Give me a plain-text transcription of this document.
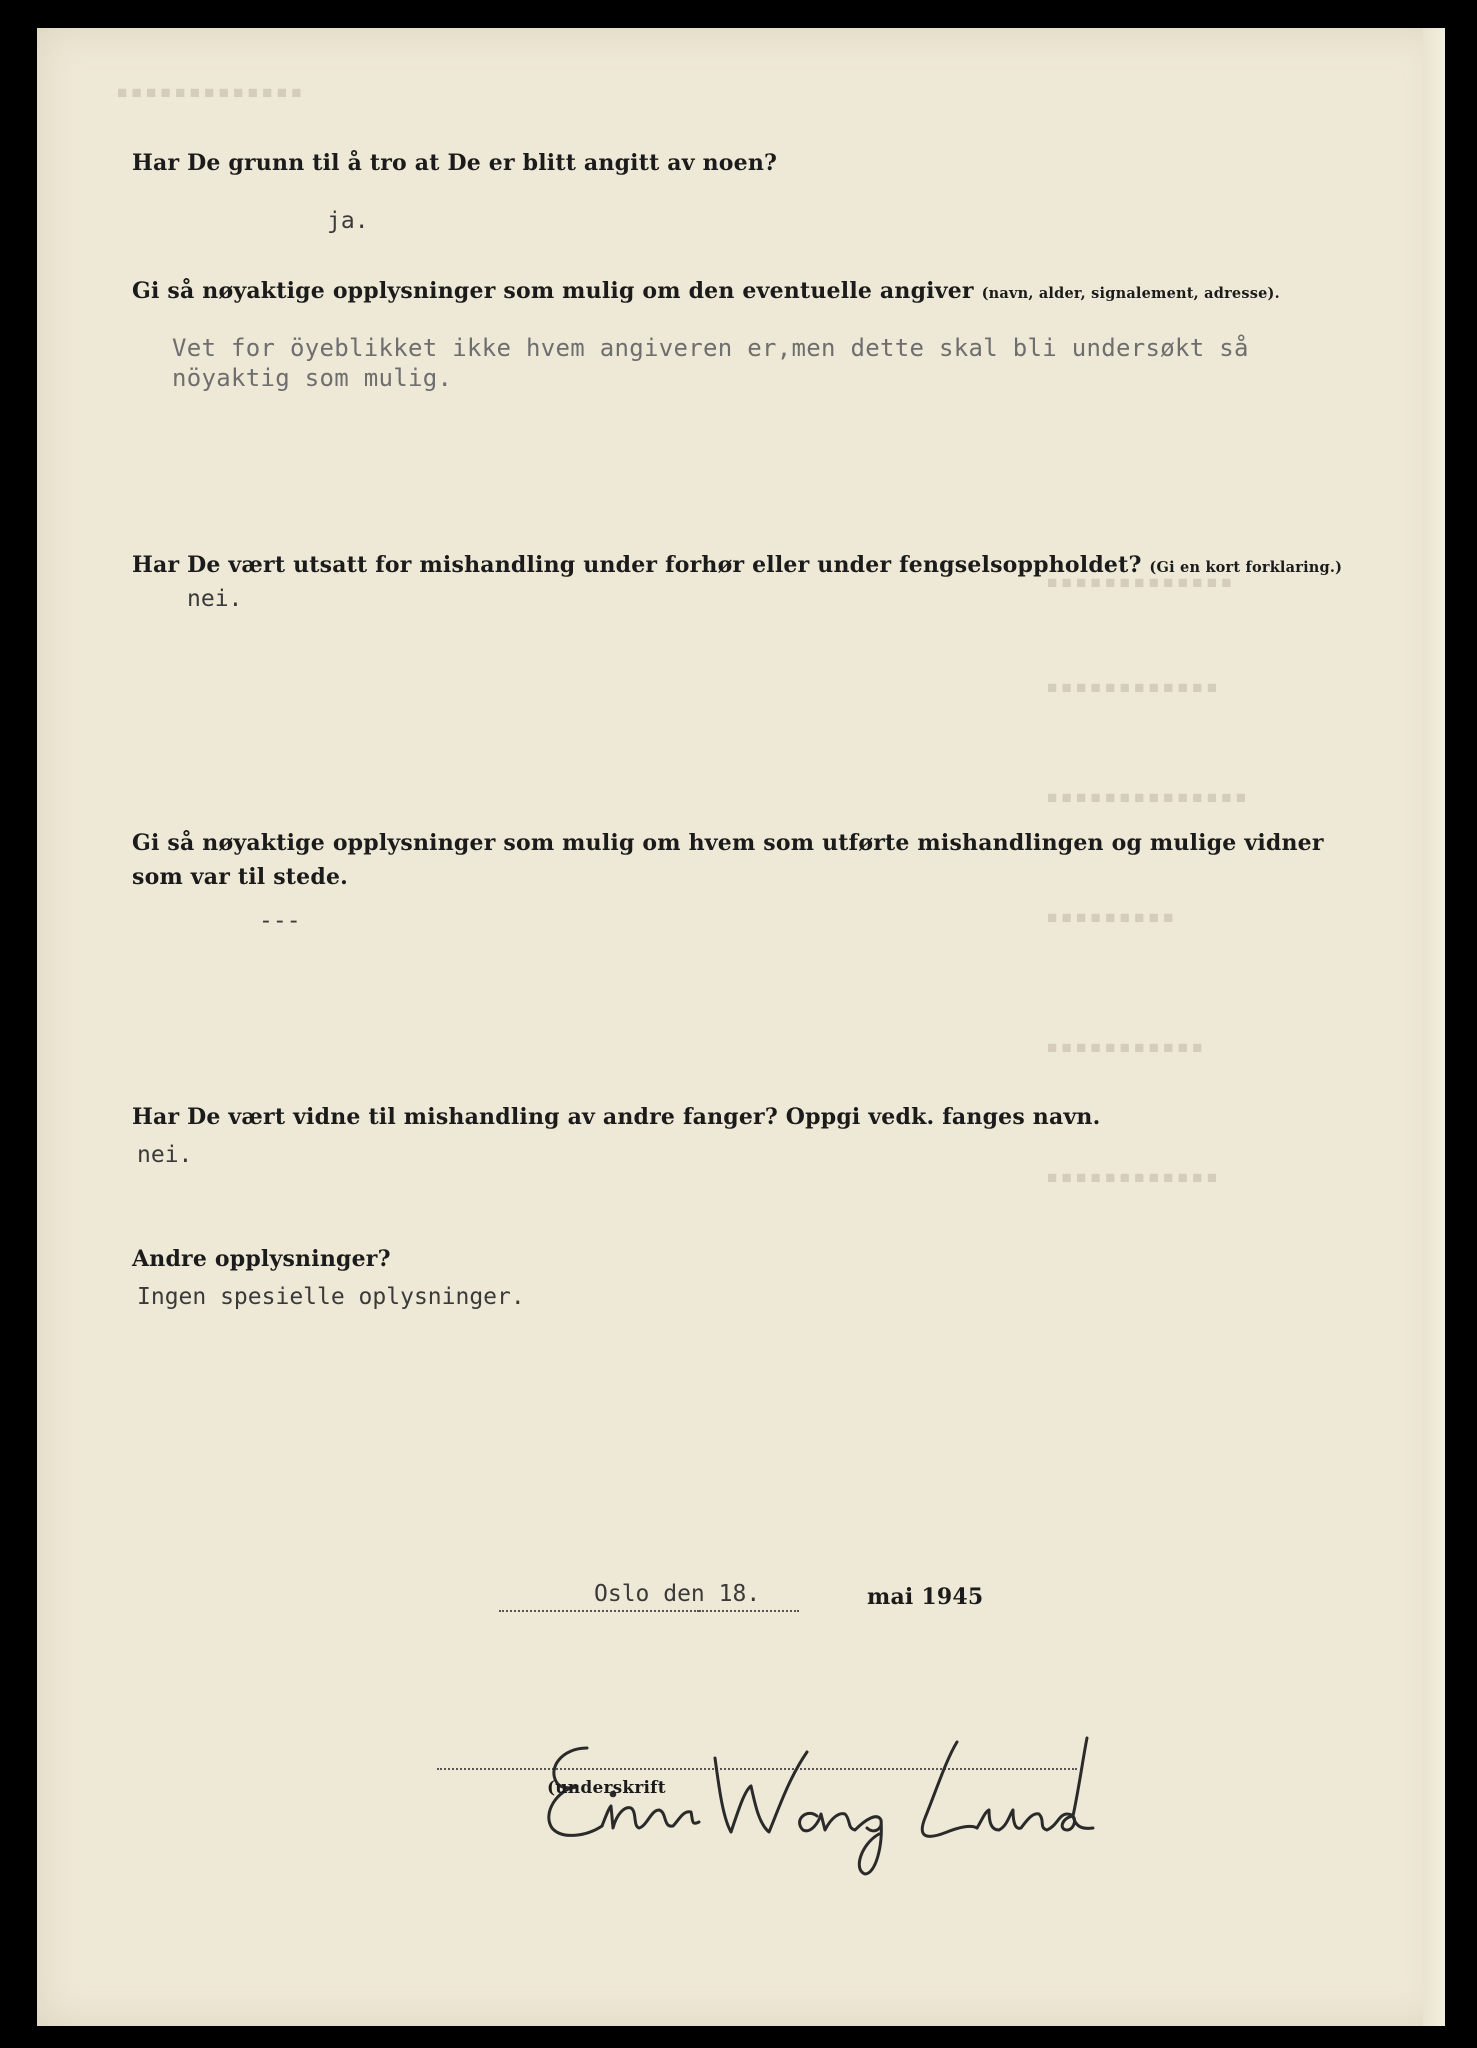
■ ■ ■ ■ ■ ■ ■ ■ ■ ■ ■ ■ ■
■ ■ ■ ■ ■ ■ ■ ■ ■ ■ ■ ■ ■
■ ■ ■ ■ ■ ■ ■ ■ ■ ■ ■ ■
■ ■ ■ ■ ■ ■ ■ ■ ■ ■ ■ ■ ■ ■
■ ■ ■ ■ ■ ■ ■ ■ ■
■ ■ ■ ■ ■ ■ ■ ■ ■ ■ ■
■ ■ ■ ■ ■ ■ ■ ■ ■ ■ ■ ■
Har De grunn til å tro at De er blitt angitt av noen?
ja.
Gi så nøyaktige opplysninger som mulig om den eventuelle angiver (navn, alder, signalement, adresse).
Vet for öyeblikket ikke hvem angiveren er,men dette skal bli undersøkt så
nöyaktig som mulig.
Har De vært utsatt for mishandling under forhør eller under fengselsoppholdet? (Gi en kort forklaring.)
nei.
Gi så nøyaktige opplysninger som mulig om hvem som utførte mishandlingen og mulige vidner
som var til stede.
---
Har De vært vidne til mishandling av andre fanger? Oppgi vedk. fanges navn.
nei.
Andre opplysninger?
Ingen spesielle oplysninger.
Oslo den 18.	mai 1945
(underskrift
